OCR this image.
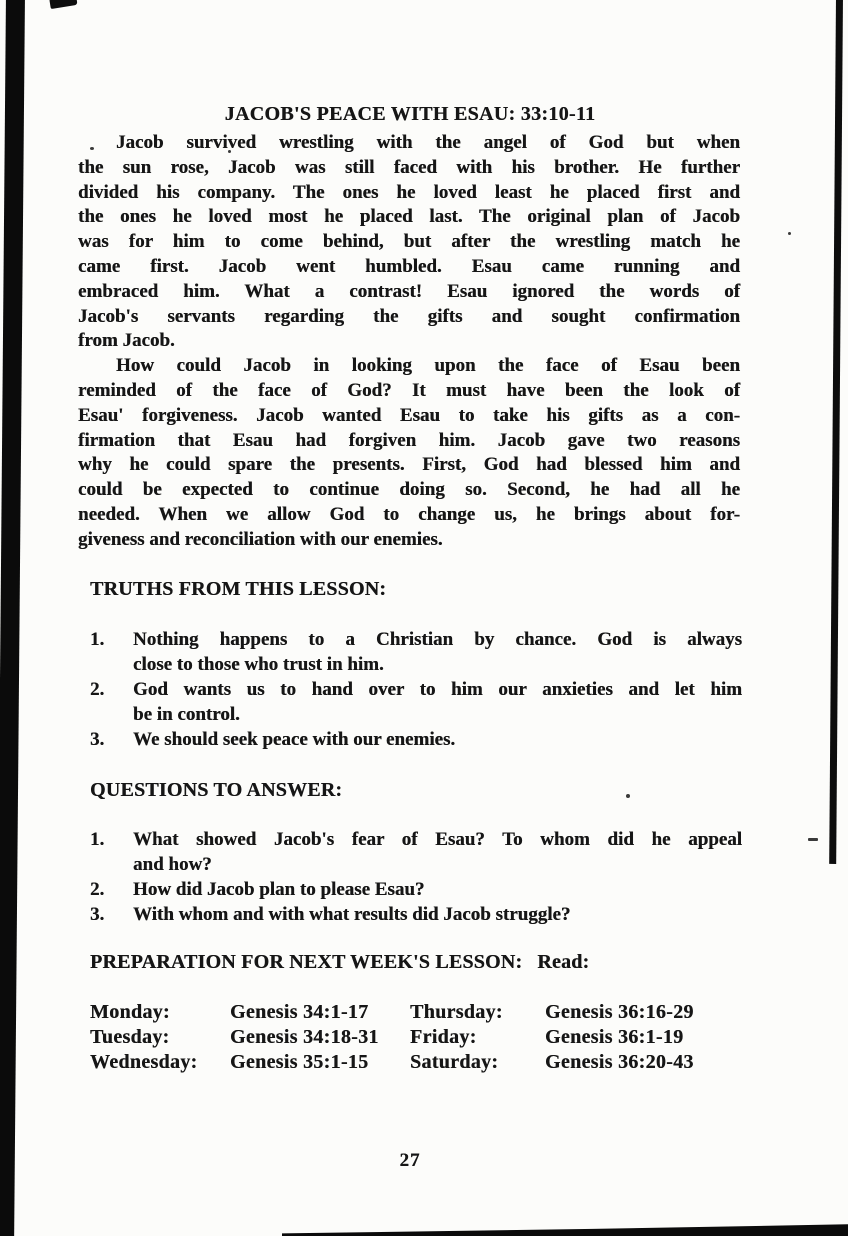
JACOB'S PEACE WITH ESAU: 33:10-11
Jacob survived wrestling with the angel of God but when
the sun rose, Jacob was still faced with his brother. He further
divided his company. The ones he loved least he placed first and
the ones he loved most he placed last. The original plan of Jacob
was for him to come behind, but after the wrestling match he
came first. Jacob went humbled. Esau came running and
embraced him. What a contrast! Esau ignored the words of
Jacob's servants regarding the gifts and sought confirmation
from Jacob.
How could Jacob in looking upon the face of Esau been
reminded of the face of God? It must have been the look of
Esau' forgiveness. Jacob wanted Esau to take his gifts as a con-
firmation that Esau had forgiven him. Jacob gave two reasons
why he could spare the presents. First, God had blessed him and
could be expected to continue doing so. Second, he had all he
needed. When we allow God to change us, he brings about for-
giveness and reconciliation with our enemies.
TRUTHS FROM THIS LESSON:
1.	Nothing happens to a Christian by chance. God is always
close to those who trust in him.
2.	God wants us to hand over to him our anxieties and let him
be in control.
3.	We should seek peace with our enemies.
QUESTIONS TO ANSWER:
1.	What showed Jacob's fear of Esau? To whom did he appeal
and how?
2.	How did Jacob plan to please Esau?
3.	With whom and with what results did Jacob struggle?
PREPARATION FOR NEXT WEEK'S LESSON: Read:
Monday:	Genesis 34:1-17	Thursday:	Genesis 36:16-29
Tuesday:	Genesis 34:18-31	Friday:	Genesis 36:1-19
Wednesday:	Genesis 35:1-15	Saturday:	Genesis 36:20-43
27
